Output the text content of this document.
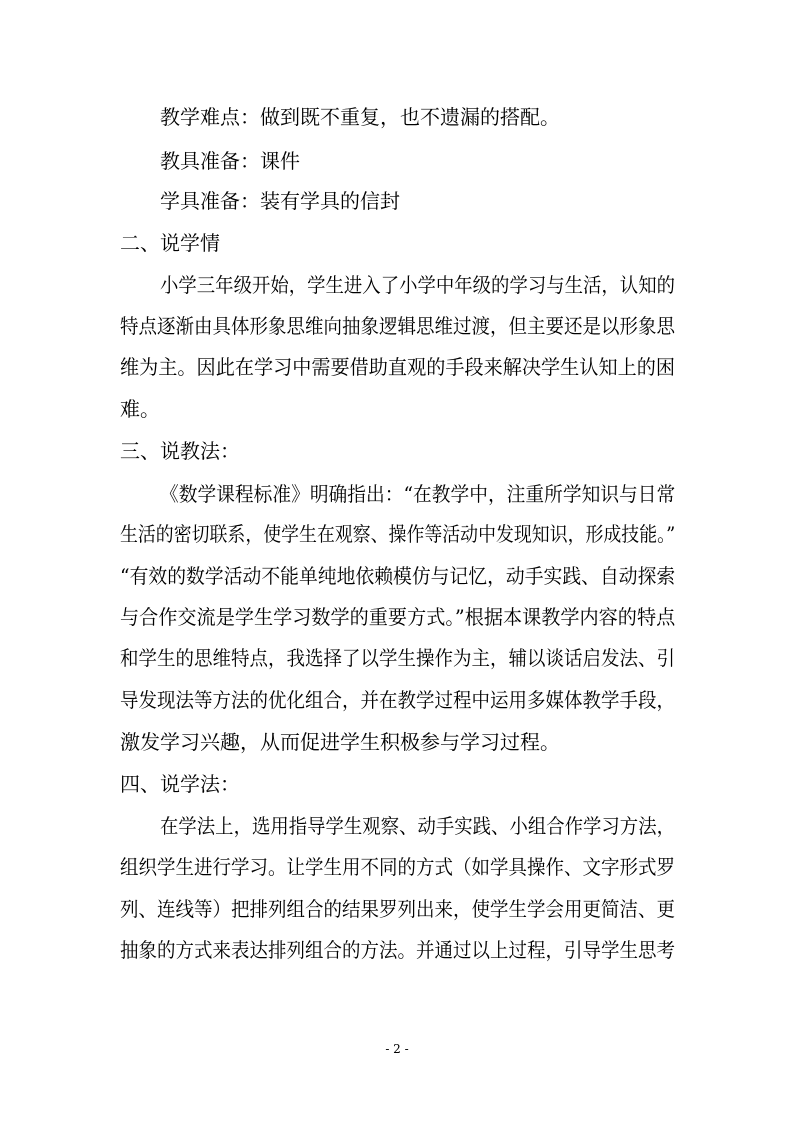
教学难点：做到既不重复，也不遗漏的搭配。
教具准备：课件
学具准备：装有学具的信封
二、说学情
小学三年级开始，学生进入了小学中年级的学习与生活，认知的
特点逐渐由具体形象思维向抽象逻辑思维过渡，但主要还是以形象思
维为主。因此在学习中需要借助直观的手段来解决学生认知上的困
难。
三、说教法：
《数学课程标准》明确指出：“在教学中，注重所学知识与日常
生活的密切联系，使学生在观察、操作等活动中发现知识，形成技能。”
“有效的数学活动不能单纯地依赖模仿与记忆，动手实践、自动探索
与合作交流是学生学习数学的重要方式。”根据本课教学内容的特点
和学生的思维特点，我选择了以学生操作为主，辅以谈话启发法、引
导发现法等方法的优化组合，并在教学过程中运用多媒体教学手段，
激发学习兴趣，从而促进学生积极参与学习过程。
四、说学法：
在学法上，选用指导学生观察、动手实践、小组合作学习方法，
组织学生进行学习。让学生用不同的方式（如学具操作、文字形式罗
列、连线等）把排列组合的结果罗列出来，使学生学会用更简洁、更
抽象的方式来表达排列组合的方法。并通过以上过程，引导学生思考
- 2 -
